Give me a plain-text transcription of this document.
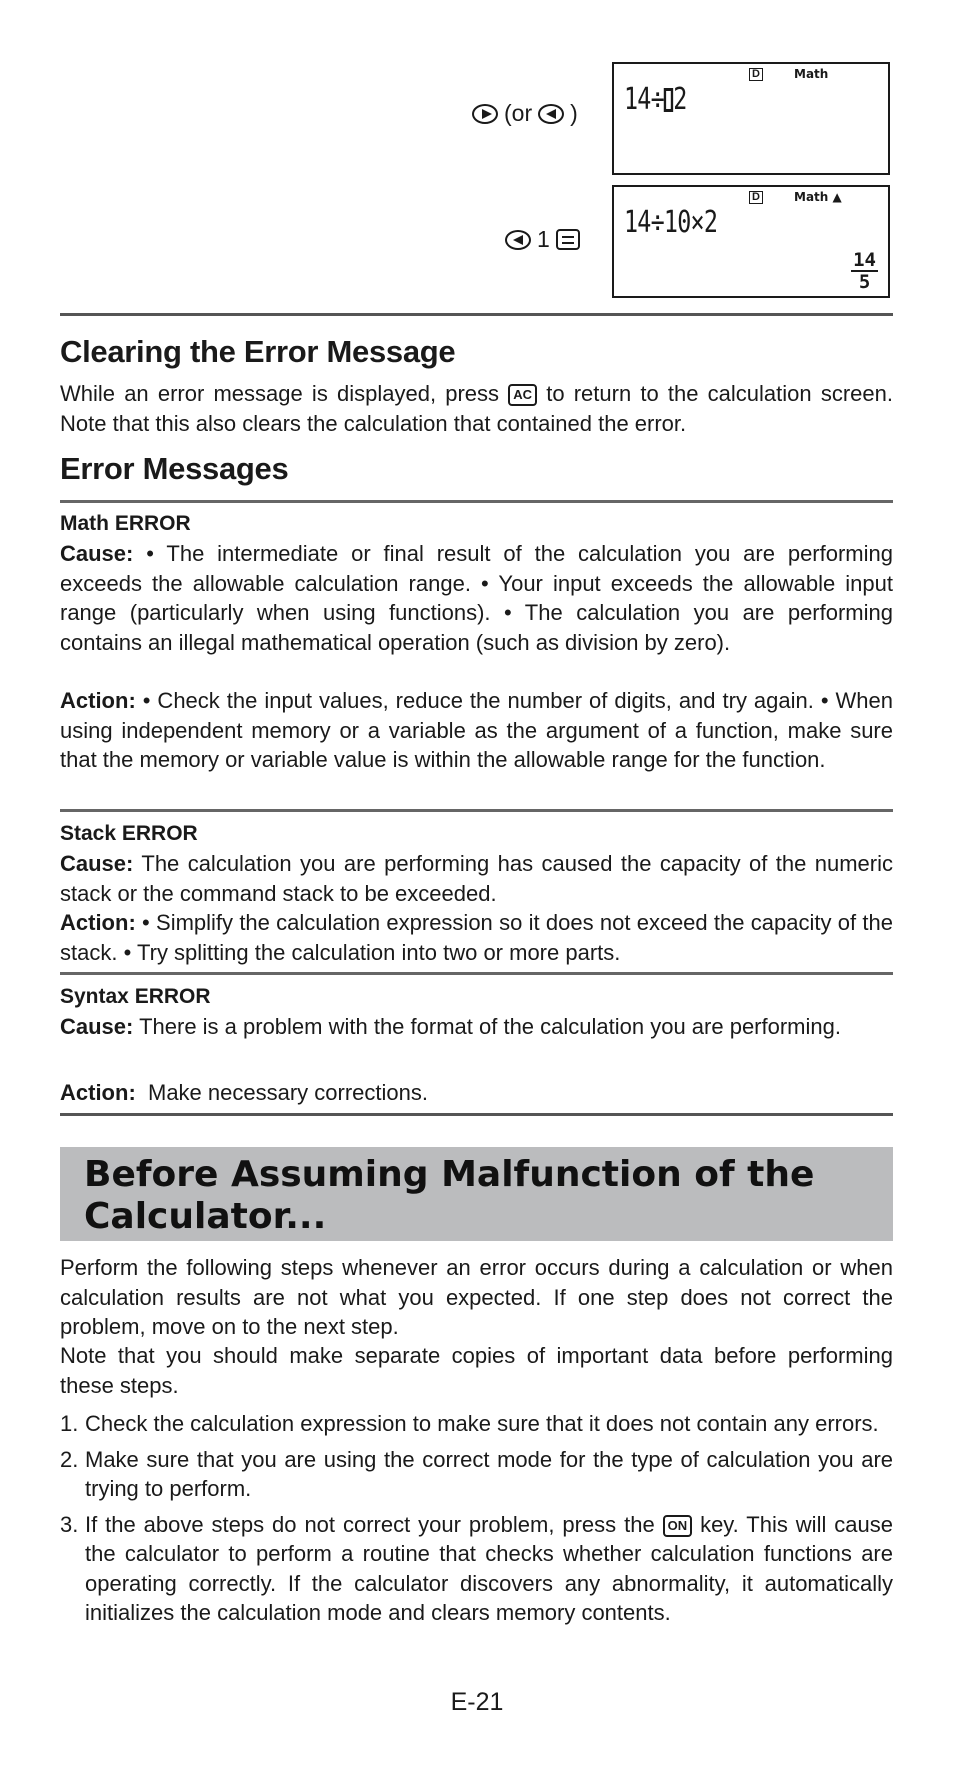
(or )
D	Math
14÷ 2
1
D	Math ▲
14÷10×2
$\frac{14}{5}$
Clearing the Error Message

While an error message is displayed, press AC to return to the calculation screen. Note that this also clears the calculation that contained the error.

Error Messages
Math ERROR

Cause: • The intermediate or final result of the calculation you are performing exceeds the allowable calculation range. • Your input exceeds the allowable input range (particularly when using functions). • The calculation you are performing contains an illegal mathematical operation (such as division by zero).

Action: • Check the input values, reduce the number of digits, and try again. • When using independent memory or a variable as the argument of a function, make sure that the memory or variable value is within the allowable range for the function.

Stack ERROR

Cause: The calculation you are performing has caused the capacity of the numeric stack or the command stack to be exceeded.

Action: • Simplify the calculation expression so it does not exceed the capacity of the stack. • Try splitting the calculation into two or more parts.

Syntax ERROR

Cause: There is a problem with the format of the calculation you are performing.

Action: Make necessary corrections.

Before Assuming Malfunction of the Calculator...

Perform the following steps whenever an error occurs during a calculation or when calculation results are not what you expected. If one step does not correct the problem, move on to the next step.

Note that you should make separate copies of important data before performing these steps.

1. Check the calculation expression to make sure that it does not contain any errors.
2. Make sure that you are using the correct mode for the type of calculation you are trying to perform.
3. If the above steps do not correct your problem, press the ON key. This will cause the calculator to perform a routine that checks whether calculation functions are operating correctly. If the calculator discovers any abnormality, it automatically initializes the calculation mode and clears memory contents.
E-21
